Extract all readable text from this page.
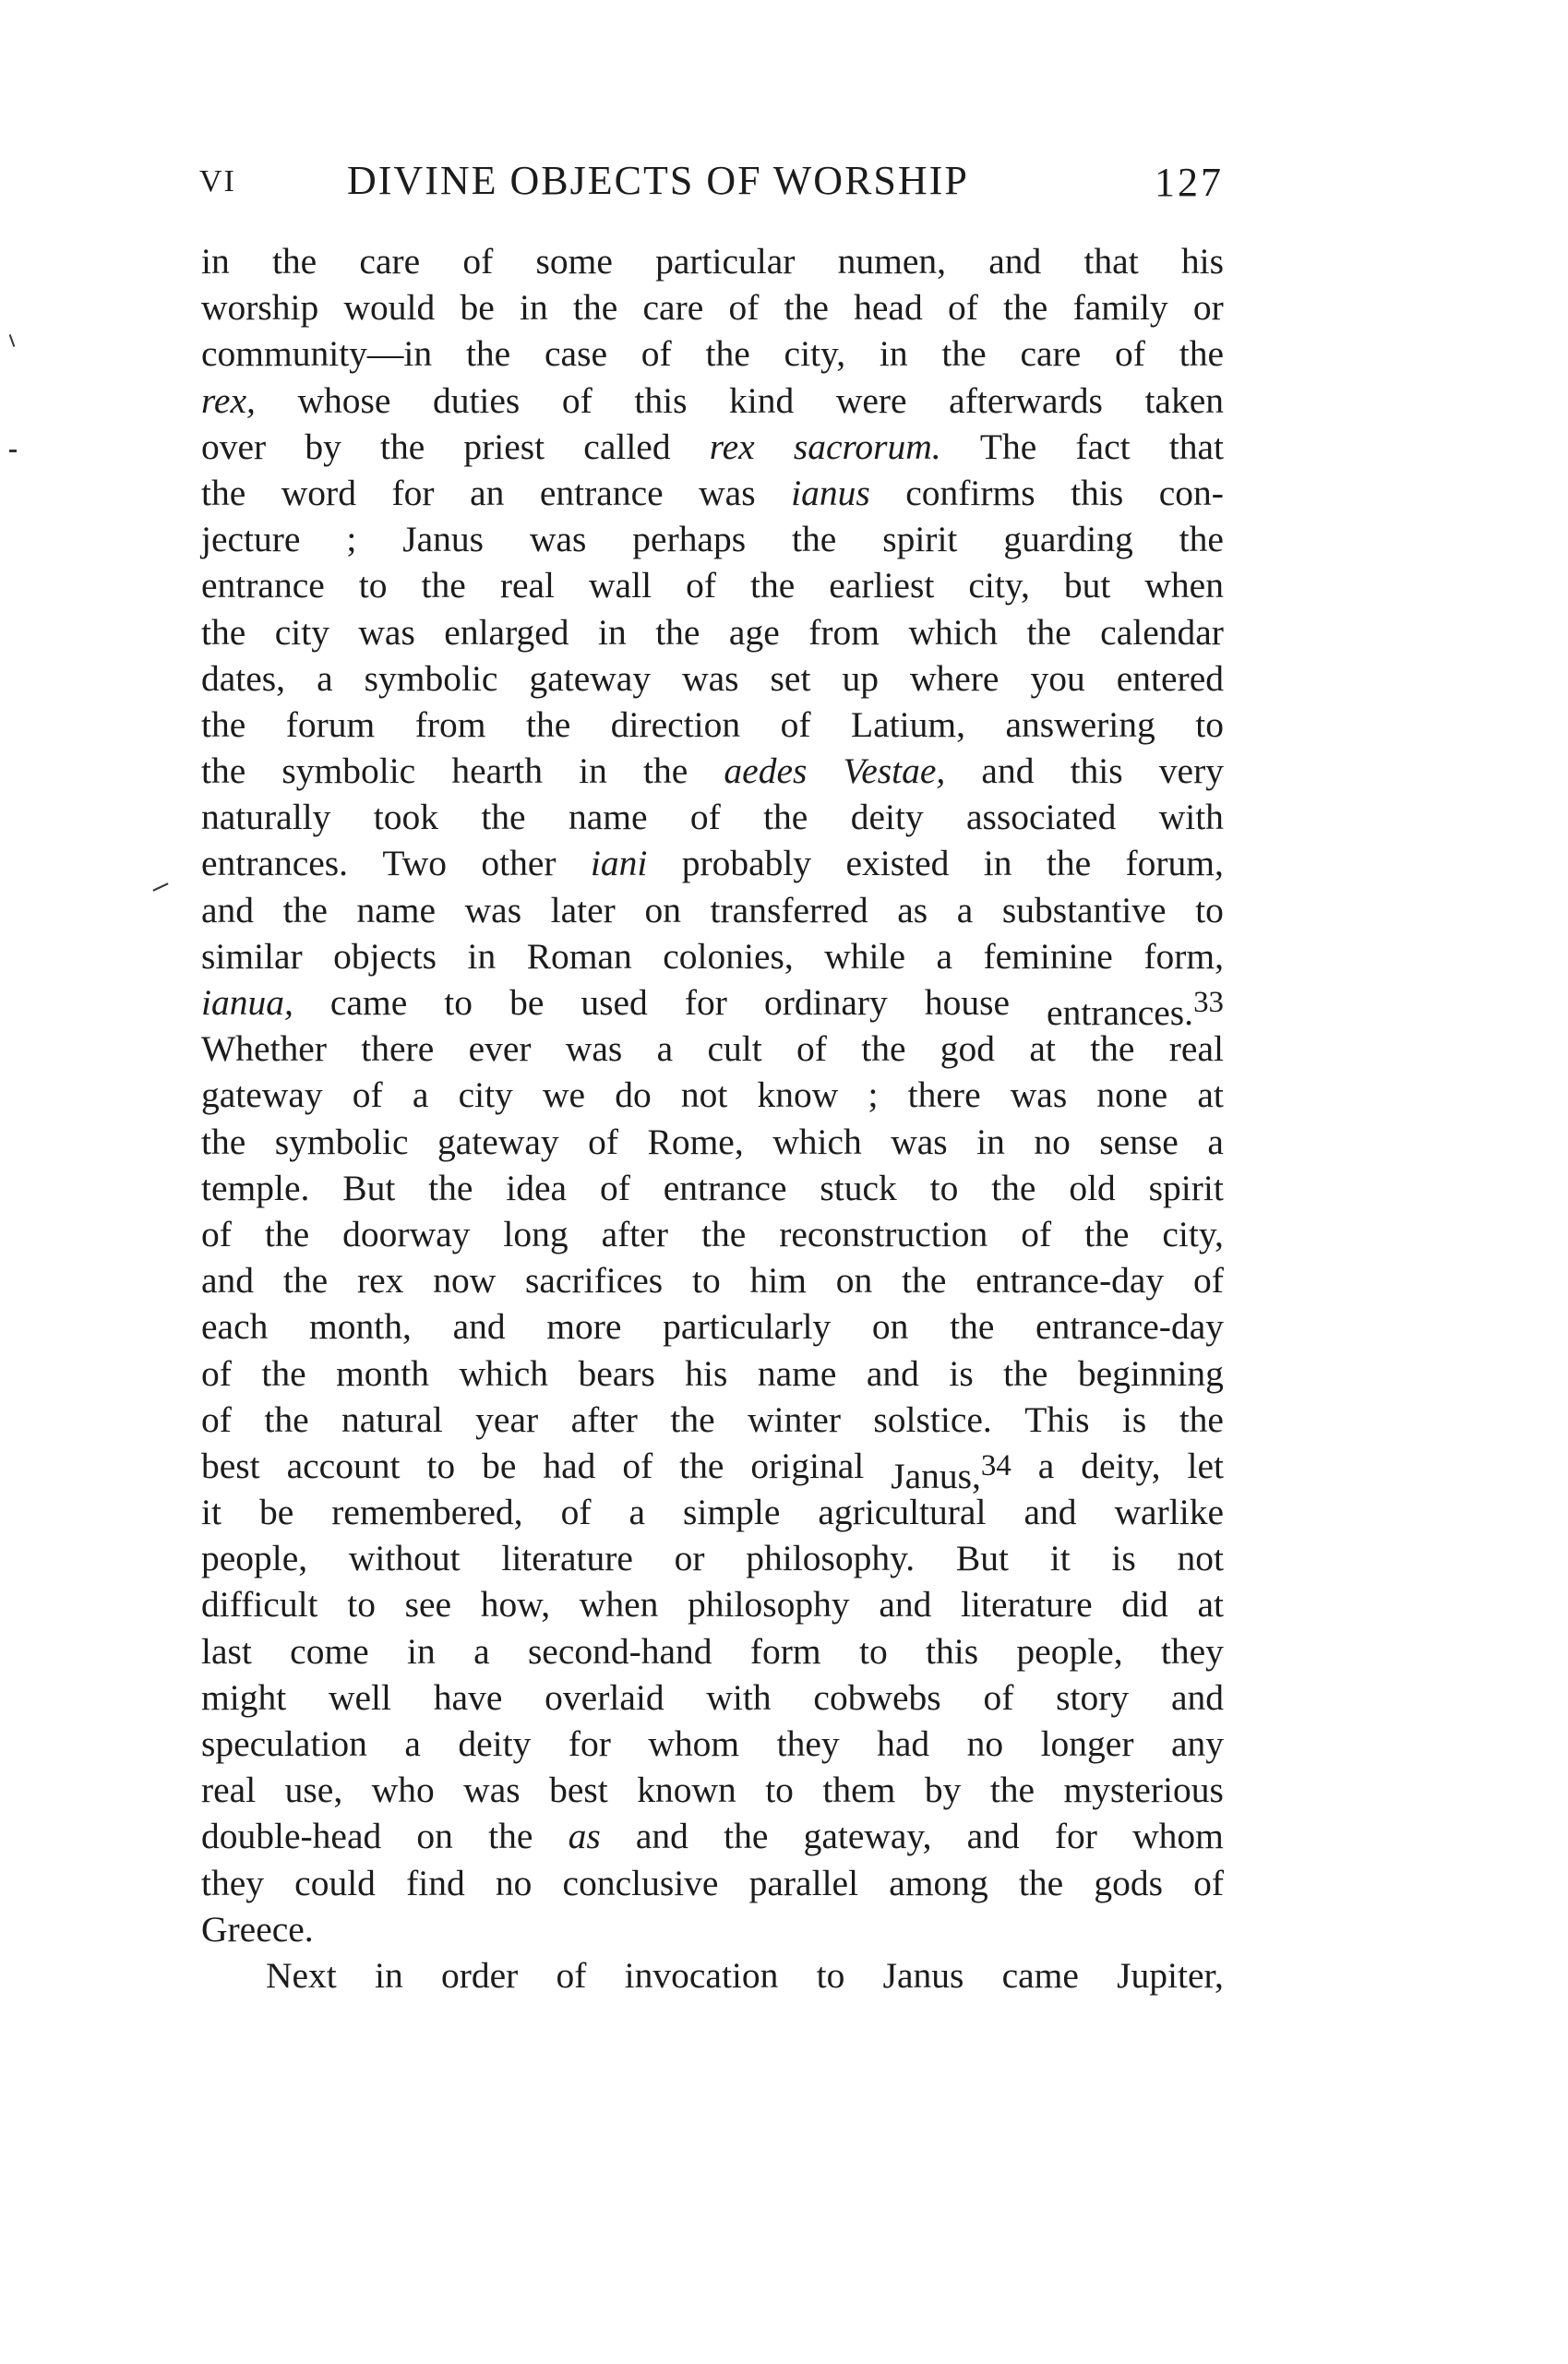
VI	DIVINE OBJECTS OF WORSHIP	127
in the care of some particular numen, and that his
worship would be in the care of the head of the family or
community—in the case of the city, in the care of the
rex, whose duties of this kind were afterwards taken
over by the priest called rex sacrorum. The fact that
the word for an entrance was ianus confirms this con-
jecture ; Janus was perhaps the spirit guarding the
entrance to the real wall of the earliest city, but when
the city was enlarged in the age from which the calendar
dates, a symbolic gateway was set up where you entered
the forum from the direction of Latium, answering to
the symbolic hearth in the aedes Vestae, and this very
naturally took the name of the deity associated with
entrances. Two other iani probably existed in the forum,
and the name was later on transferred as a substantive to
similar objects in Roman colonies, while a feminine form,
ianua, came to be used for ordinary house entrances.$^{33}$
Whether there ever was a cult of the god at the real
gateway of a city we do not know ; there was none at
the symbolic gateway of Rome, which was in no sense a
temple. But the idea of entrance stuck to the old spirit
of the doorway long after the reconstruction of the city,
and the rex now sacrifices to him on the entrance-day of
each month, and more particularly on the entrance-day
of the month which bears his name and is the beginning
of the natural year after the winter solstice. This is the
best account to be had of the original Janus,$^{34}$ a deity, let
it be remembered, of a simple agricultural and warlike
people, without literature or philosophy. But it is not
difficult to see how, when philosophy and literature did at
last come in a second-hand form to this people, they
might well have overlaid with cobwebs of story and
speculation a deity for whom they had no longer any
real use, who was best known to them by the mysterious
double-head on the as and the gateway, and for whom
they could find no conclusive parallel among the gods of
Greece.
Next in order of invocation to Janus came Jupiter,
